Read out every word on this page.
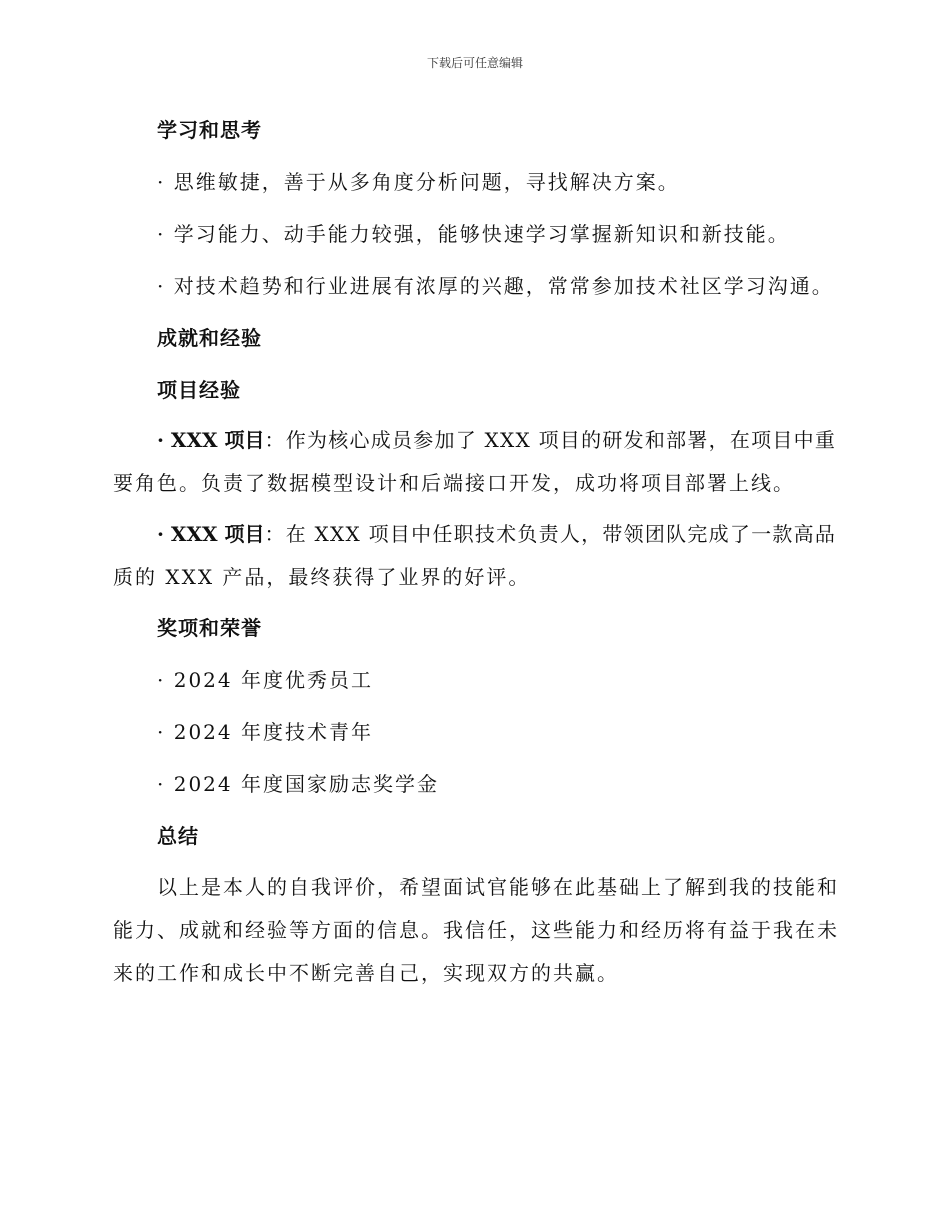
下载后可任意编辑
学习和思考
· 思维敏捷，善于从多角度分析问题，寻找解决方案。
· 学习能力、动手能力较强，能够快速学习掌握新知识和新技能。
· 对技术趋势和行业进展有浓厚的兴趣，常常参加技术社区学习沟通。
成就和经验
项目经验
· XXX 项目：作为核心成员参加了 XXX 项目的研发和部署，在项目中重
要角色。负责了数据模型设计和后端接口开发，成功将项目部署上线。
· XXX 项目：在 XXX 项目中任职技术负责人，带领团队完成了一款高品
质的 XXX 产品，最终获得了业界的好评。
奖项和荣誉
· 2024 年度优秀员工
· 2024 年度技术青年
· 2024 年度国家励志奖学金
总结
以上是本人的自我评价，希望面试官能够在此基础上了解到我的技能和
能力、成就和经验等方面的信息。我信任，这些能力和经历将有益于我在未
来的工作和成长中不断完善自己，实现双方的共赢。
